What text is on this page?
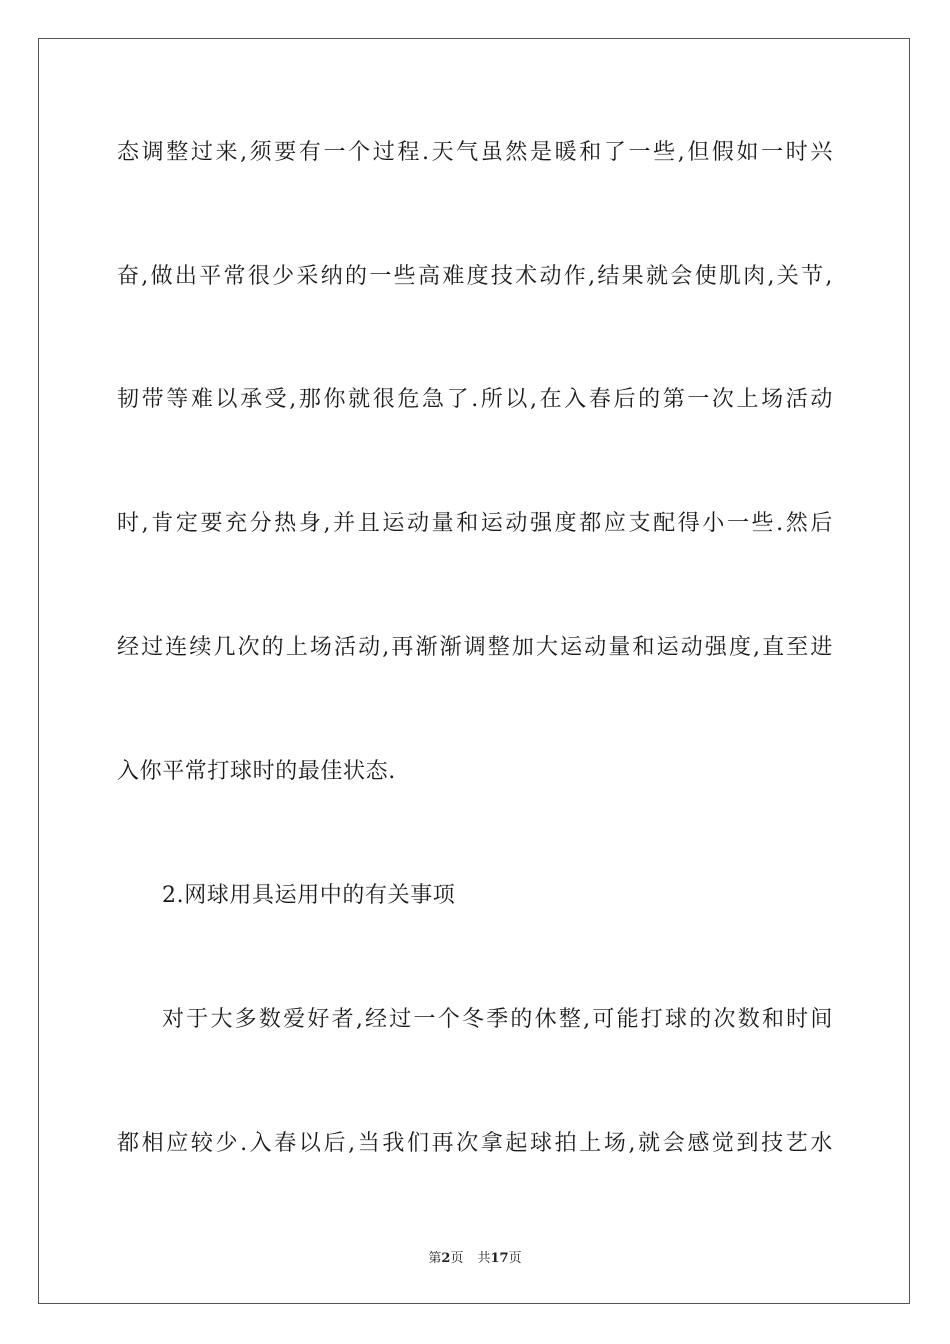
态调整过来,须要有一个过程.天气虽然是暖和了一些,但假如一时兴
奋,做出平常很少采纳的一些高难度技术动作,结果就会使肌肉,关节,
韧带等难以承受,那你就很危急了.所以,在入春后的第一次上场活动
时,肯定要充分热身,并且运动量和运动强度都应支配得小一些.然后
经过连续几次的上场活动,再渐渐调整加大运动量和运动强度,直至进
入你平常打球时的最佳状态.
2.网球用具运用中的有关事项
对于大多数爱好者,经过一个冬季的休整,可能打球的次数和时间
都相应较少.入春以后,当我们再次拿起球拍上场,就会感觉到技艺水
第2页 共17页
